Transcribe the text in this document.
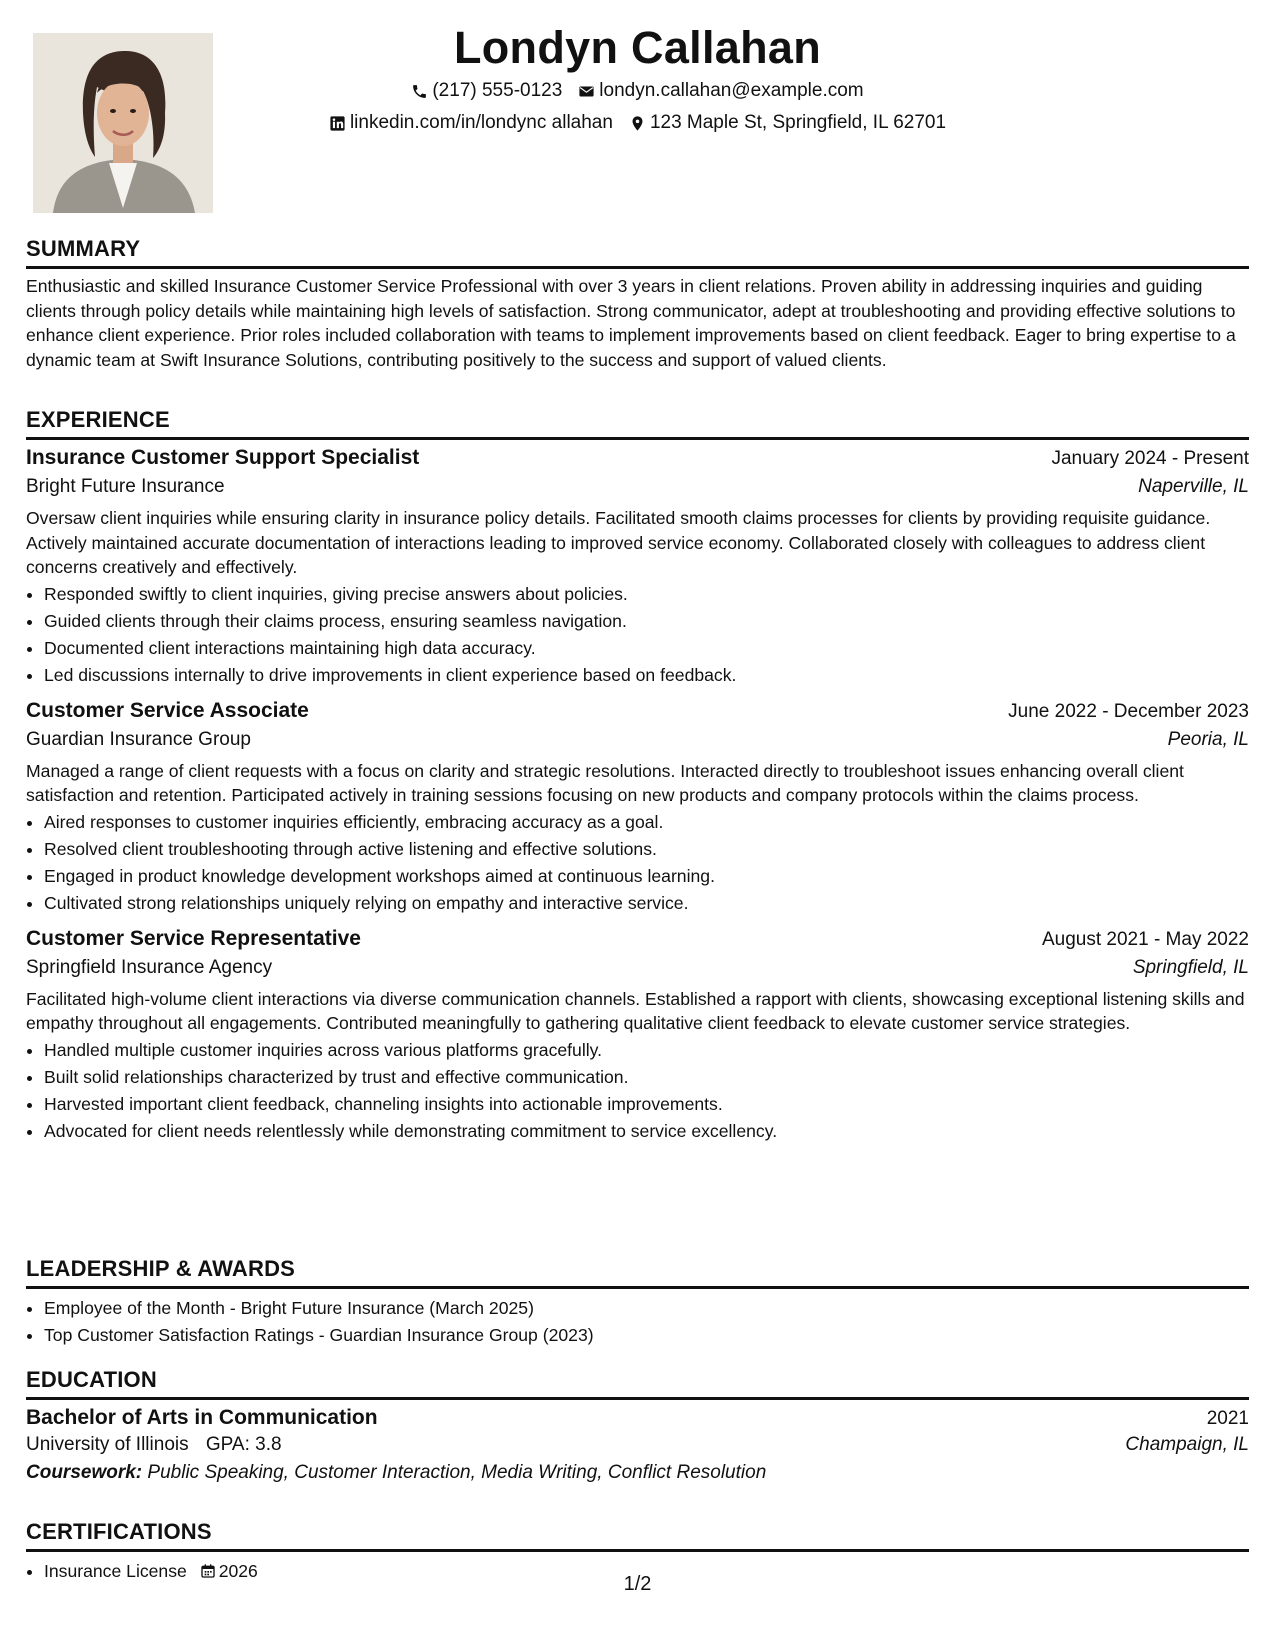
Londyn Callahan
(217) 555-0123 londyn.callahan@example.com
linkedin.com/in/londync allahan 123 Maple St, Springfield, IL 62701
SUMMARY

Enthusiastic and skilled Insurance Customer Service Professional with over 3 years in client relations. Proven ability in addressing inquiries and guiding clients through policy details while maintaining high levels of satisfaction. Strong communicator, adept at troubleshooting and providing effective solutions to enhance client experience. Prior roles included collaboration with teams to implement improvements based on client feedback. Eager to bring expertise to a dynamic team at Swift Insurance Solutions, contributing positively to the success and support of valued clients.

EXPERIENCE
Insurance Customer Support Specialist	January 2024 - Present
Bright Future Insurance	Naperville, IL

Oversaw client inquiries while ensuring clarity in insurance policy details. Facilitated smooth claims processes for clients by providing requisite guidance. Actively maintained accurate documentation of interactions leading to improved service economy. Collaborated closely with colleagues to address client concerns creatively and effectively.

• Responded swiftly to client inquiries, giving precise answers about policies.
• Guided clients through their claims process, ensuring seamless navigation.
• Documented client interactions maintaining high data accuracy.
• Led discussions internally to drive improvements in client experience based on feedback.
Customer Service Associate	June 2022 - December 2023
Guardian Insurance Group	Peoria, IL

Managed a range of client requests with a focus on clarity and strategic resolutions. Interacted directly to troubleshoot issues enhancing overall client satisfaction and retention. Participated actively in training sessions focusing on new products and company protocols within the claims process.

• Aired responses to customer inquiries efficiently, embracing accuracy as a goal.
• Resolved client troubleshooting through active listening and effective solutions.
• Engaged in product knowledge development workshops aimed at continuous learning.
• Cultivated strong relationships uniquely relying on empathy and interactive service.
Customer Service Representative	August 2021 - May 2022
Springfield Insurance Agency	Springfield, IL

Facilitated high-volume client interactions via diverse communication channels. Established a rapport with clients, showcasing exceptional listening skills and empathy throughout all engagements. Contributed meaningfully to gathering qualitative client feedback to elevate customer service strategies.

• Handled multiple customer inquiries across various platforms gracefully.
• Built solid relationships characterized by trust and effective communication.
• Harvested important client feedback, channeling insights into actionable improvements.
• Advocated for client needs relentlessly while demonstrating commitment to service excellency.
LEADERSHIP & AWARDS
• Employee of the Month - Bright Future Insurance (March 2025)
• Top Customer Satisfaction Ratings - Guardian Insurance Group (2023)
EDUCATION
Bachelor of Arts in Communication	2021
University of Illinois GPA: 3.8	Champaign, IL
Coursework: Public Speaking, Customer Interaction, Media Writing, Conflict Resolution
CERTIFICATIONS
• Insurance License 2026
1/2
